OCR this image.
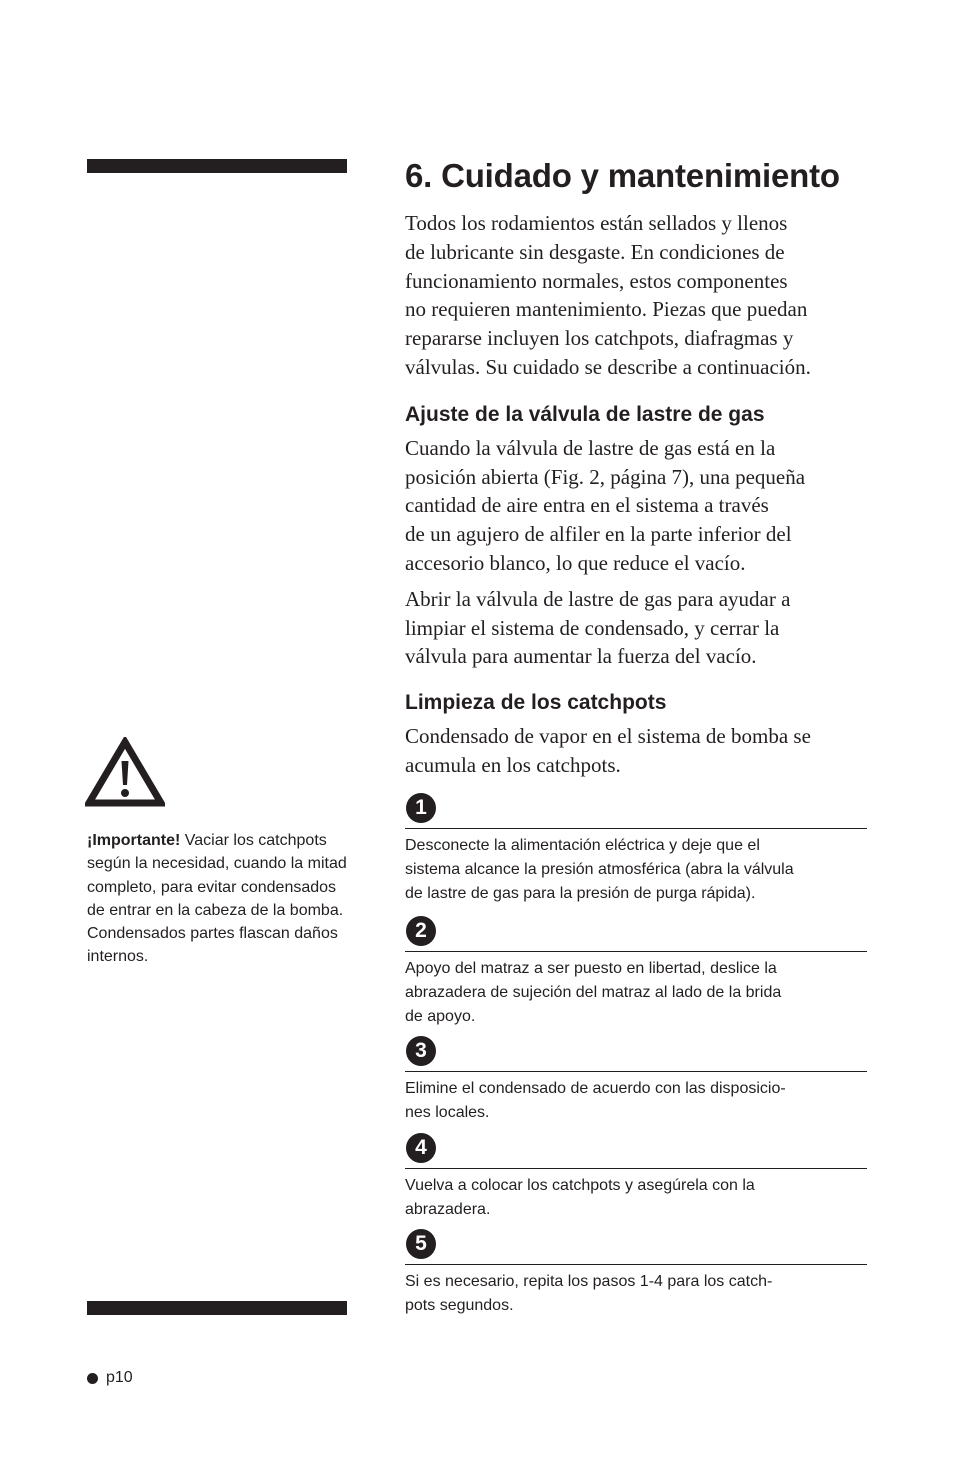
¡Importante! Vaciar los catchpots según la necesidad, cuando la mitad completo, para evitar condensados de entrar en la cabeza de la bomba. Condensados partes flascan daños internos.
6. Cuidado y mantenimiento

Todos los rodamientos están sellados y llenos
de lubricante sin desgaste. En condiciones de
funcionamiento normales, estos componentes
no requieren mantenimiento. Piezas que puedan
repararse incluyen los catchpots, diafragmas y
válvulas. Su cuidado se describe a continuación.

Ajuste de la válvula de lastre de gas

Cuando la válvula de lastre de gas está en la
posición abierta (Fig. 2, página 7), una pequeña
cantidad de aire entra en el sistema a través
de un agujero de alfiler en la parte inferior del
accesorio blanco, lo que reduce el vacío.

Abrir la válvula de lastre de gas para ayudar a
limpiar el sistema de condensado, y cerrar la
válvula para aumentar la fuerza del vacío.

Limpieza de los catchpots

Condensado de vapor en el sistema de bomba se
acumula en los catchpots.

1
Desconecte la alimentación eléctrica y deje que el
sistema alcance la presión atmosférica (abra la válvula
de lastre de gas para la presión de purga rápida).
2
Apoyo del matraz a ser puesto en libertad, deslice la
abrazadera de sujeción del matraz al lado de la brida
de apoyo.
3
Elimine el condensado de acuerdo con las disposicio-
nes locales.
4
Vuelva a colocar los catchpots y asegúrela con la
abrazadera.
5
Si es necesario, repita los pasos 1-4 para los catch-
pots segundos.
p10
